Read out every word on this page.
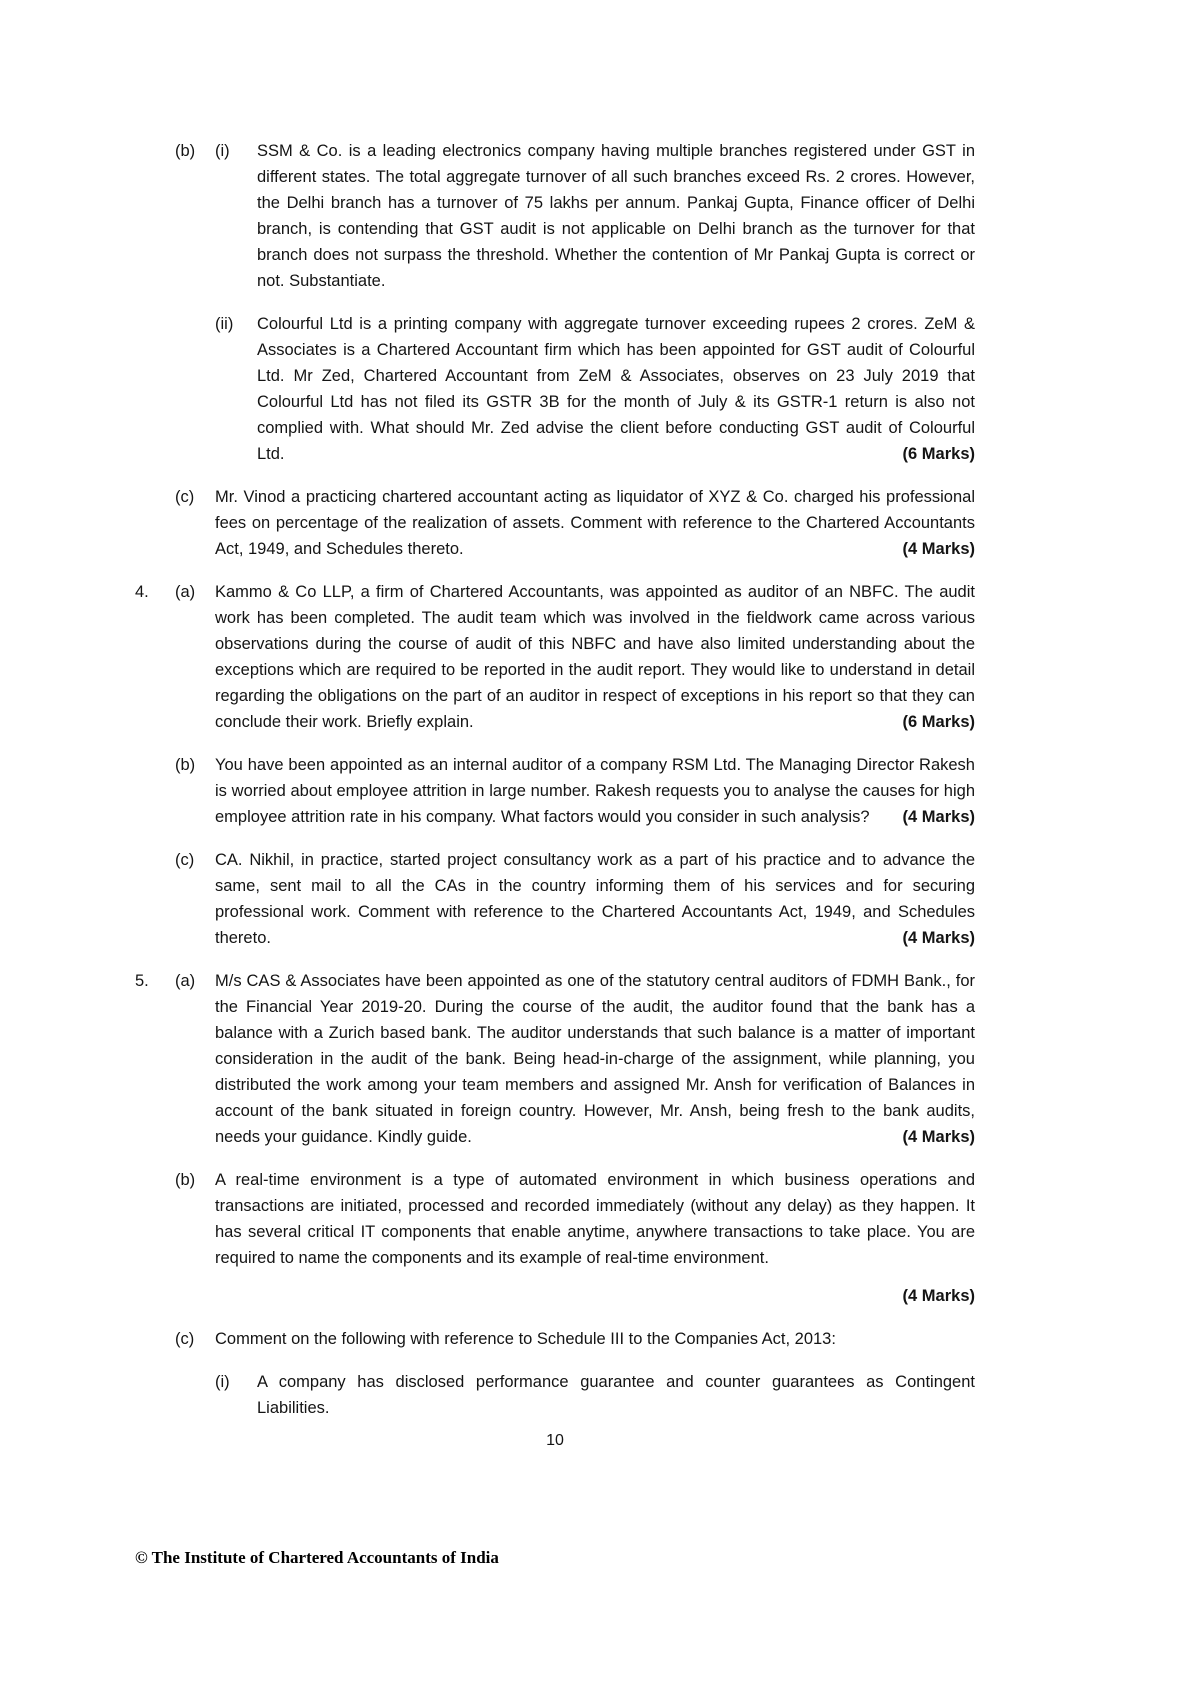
(b)	(i)	SSM & Co. is a leading electronics company having multiple branches registered under GST in different states. The total aggregate turnover of all such branches exceed Rs. 2 crores. However, the Delhi branch has a turnover of 75 lakhs per annum. Pankaj Gupta, Finance officer of Delhi branch, is contending that GST audit is not applicable on Delhi branch as the turnover for that branch does not surpass the threshold. Whether the contention of Mr Pankaj Gupta is correct or not. Substantiate.
(ii)	Colourful Ltd is a printing company with aggregate turnover exceeding rupees 2 crores. ZeM & Associates is a Chartered Accountant firm which has been appointed for GST audit of Colourful Ltd. Mr Zed, Chartered Accountant from ZeM & Associates, observes on 23 July 2019 that Colourful Ltd has not filed its GSTR 3B for the month of July & its GSTR-1 return is also not complied with. What should Mr. Zed advise the client before conducting GST audit of Colourful Ltd.	(6 Marks)
(c)	Mr. Vinod a practicing chartered accountant acting as liquidator of XYZ & Co. charged his professional fees on percentage of the realization of assets. Comment with reference to the Chartered Accountants Act, 1949, and Schedules thereto.	(4 Marks)
4.	(a)	Kammo & Co LLP, a firm of Chartered Accountants, was appointed as auditor of an NBFC. The audit work has been completed. The audit team which was involved in the fieldwork came across various observations during the course of audit of this NBFC and have also limited understanding about the exceptions which are required to be reported in the audit report. They would like to understand in detail regarding the obligations on the part of an auditor in respect of exceptions in his report so that they can conclude their work. Briefly explain.	(6 Marks)
(b)	You have been appointed as an internal auditor of a company RSM Ltd. The Managing Director Rakesh is worried about employee attrition in large number. Rakesh requests you to analyse the causes for high employee attrition rate in his company. What factors would you consider in such analysis?	(4 Marks)
(c)	CA. Nikhil, in practice, started project consultancy work as a part of his practice and to advance the same, sent mail to all the CAs in the country informing them of his services and for securing professional work. Comment with reference to the Chartered Accountants Act, 1949, and Schedules thereto.	(4 Marks)
5.	(a)	M/s CAS & Associates have been appointed as one of the statutory central auditors of FDMH Bank., for the Financial Year 2019-20. During the course of the audit, the auditor found that the bank has a balance with a Zurich based bank. The auditor understands that such balance is a matter of important consideration in the audit of the bank. Being head-in-charge of the assignment, while planning, you distributed the work among your team members and assigned Mr. Ansh for verification of Balances in account of the bank situated in foreign country. However, Mr. Ansh, being fresh to the bank audits, needs your guidance. Kindly guide.	(4 Marks)
(b)	A real-time environment is a type of automated environment in which business operations and transactions are initiated, processed and recorded immediately (without any delay) as they happen. It has several critical IT components that enable anytime, anywhere transactions to take place. You are required to name the components and its example of real-time environment.
(4 Marks)
(c)	Comment on the following with reference to Schedule III to the Companies Act, 2013:
(i)	A company has disclosed performance guarantee and counter guarantees as Contingent Liabilities.
10
© The Institute of Chartered Accountants of India
